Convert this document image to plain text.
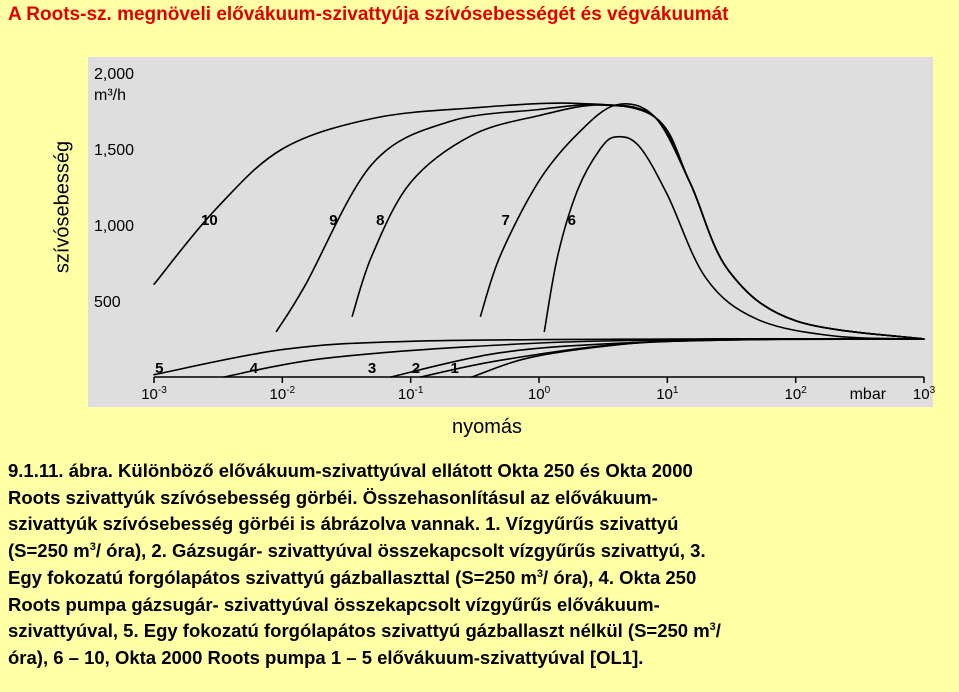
A Roots-sz. megnöveli elővákuum-szivattyúja szívósebességét és végvákuumát
szívósebesség
$10^{-3}$	$10^{-2}$	$10^{-1}$	$10^0$	$10^1$	$10^2$	$10^3$
mbar
2,000
1,500
1,000
500
m³/h
1
2
3
4
5
6
7
8
9
10
nyomás

9.1.11. ábra. Különböző elővákuum-szivattyúval ellátott Okta 250 és Okta 2000

Roots szivattyúk szívósebesség görbéi. Összehasonlításul az elővákuum-

szivattyúk szívósebesség görbéi is ábrázolva vannak. 1. Vízgyűrűs szivattyú

(S=250 $m^3/$ óra), 2. Gázsugár- szivattyúval összekapcsolt vízgyűrűs szivattyú, 3.

Egy fokozatú forgólapátos szivattyú gázballaszttal (S=250 $m^3/$ óra), 4. Okta 250

Roots pumpa gázsugár- szivattyúval összekapcsolt vízgyűrűs elővákuum-

szivattyúval, 5. Egy fokozatú forgólapátos szivattyú gázballaszt nélkül (S=250 $m^3/$

óra), 6 – 10, Okta 2000 Roots pumpa 1 – 5 elővákuum-szivattyúval [OL1].
